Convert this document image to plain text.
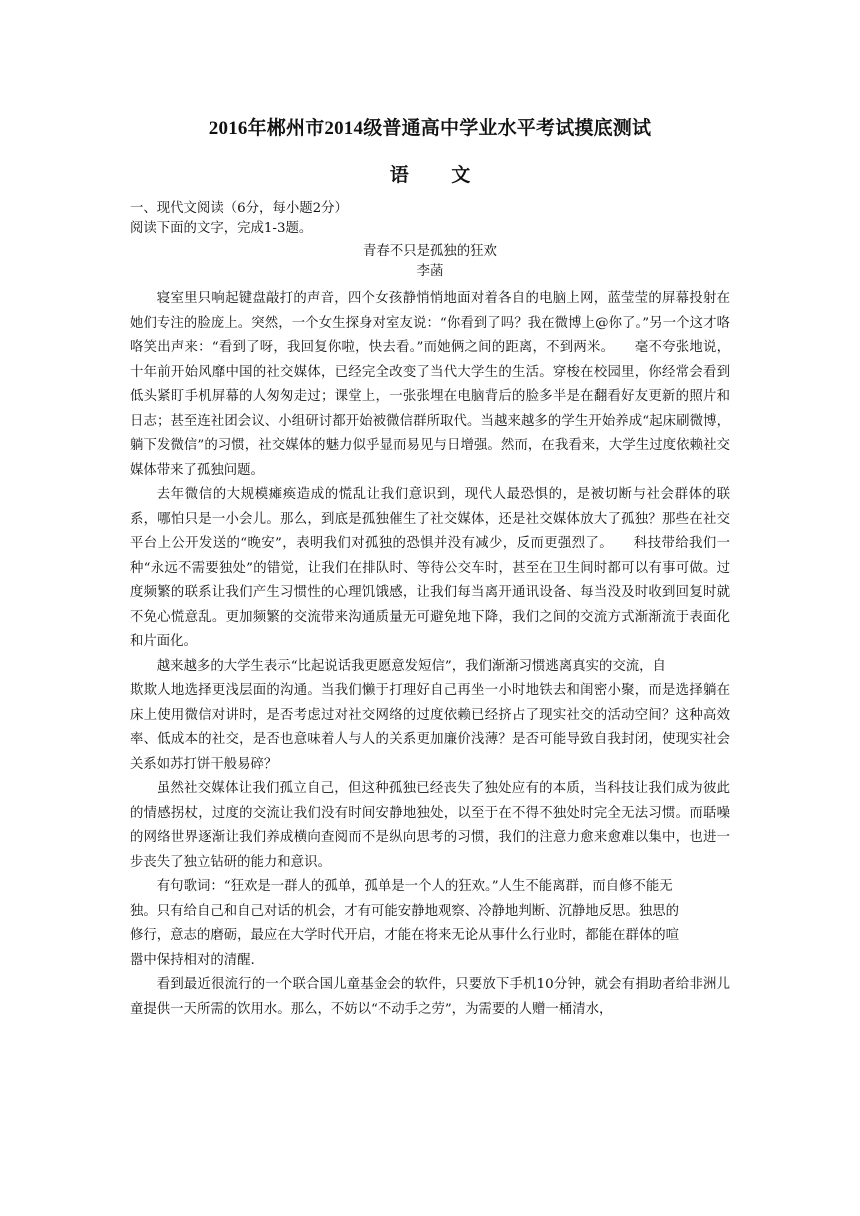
2016年郴州市2014级普通高中学业水平考试摸底测试
语 文
一、现代文阅读（6分，每小题2分）
阅读下面的文字，完成1-3题。
青春不只是孤独的狂欢
李菡

寝室里只响起键盘敲打的声音，四个女孩静悄悄地面对着各自的电脑上网，蓝莹莹的屏幕投射在她们专注的脸庞上。突然，一个女生探身对室友说：“你看到了吗？我在微博上@你了。”另一个这才咯咯笑出声来：“看到了呀，我回复你啦，快去看。”而她俩之间的距离，不到两米。　　毫不夸张地说，十年前开始风靡中国的社交媒体，已经完全改变了当代大学生的生活。穿梭在校园里，你经常会看到低头紧盯手机屏幕的人匆匆走过；课堂上，一张张埋在电脑背后的脸多半是在翻看好友更新的照片和日志；甚至连社团会议、小组研讨都开始被微信群所取代。当越来越多的学生开始养成“起床刷微博，躺下发微信”的习惯，社交媒体的魅力似乎显而易见与日增强。然而，在我看来，大学生过度依赖社交媒体带来了孤独问题。

去年微信的大规模瘫痪造成的慌乱让我们意识到，现代人最恐惧的，是被切断与社会群体的联系，哪怕只是一小会儿。那么，到底是孤独催生了社交媒体，还是社交媒体放大了孤独？那些在社交平台上公开发送的“晚安”，表明我们对孤独的恐惧并没有减少，反而更强烈了。　　科技带给我们一种“永远不需要独处”的错觉，让我们在排队时、等待公交车时，甚至在卫生间时都可以有事可做。过度频繁的联系让我们产生习惯性的心理饥饿感，让我们每当离开通讯设备、每当没及时收到回复时就不免心慌意乱。更加频繁的交流带来沟通质量无可避免地下降，我们之间的交流方式渐渐流于表面化和片面化。

越来越多的大学生表示“比起说话我更愿意发短信”，我们渐渐习惯逃离真实的交流，自

欺欺人地选择更浅层面的沟通。当我们懒于打理好自己再坐一小时地铁去和闺密小聚，而是选择躺在床上使用微信对讲时，是否考虑过对社交网络的过度依赖已经挤占了现实社交的活动空间？这种高效率、低成本的社交，是否也意味着人与人的关系更加廉价浅薄？是否可能导致自我封闭，使现实社会关系如苏打饼干般易碎？

虽然社交媒体让我们孤立自己，但这种孤独已经丧失了独处应有的本质，当科技让我们成为彼此的情感拐杖，过度的交流让我们没有时间安静地独处，以至于在不得不独处时完全无法习惯。而聒噪的网络世界逐渐让我们养成横向查阅而不是纵向思考的习惯，我们的注意力愈来愈难以集中，也进一步丧失了独立钻研的能力和意识。

有句歌词：“狂欢是一群人的孤单，孤单是一个人的狂欢。”人生不能离群，而自修不能无

独。只有给自己和自己对话的机会，才有可能安静地观察、冷静地判断、沉静地反思。独思的

修行，意志的磨砺，最应在大学时代开启，才能在将来无论从事什么行业时，都能在群体的喧

嚣中保持相对的清醒.

看到最近很流行的一个联合国儿童基金会的软件，只要放下手机10分钟，就会有捐助者给非洲儿童提供一天所需的饮用水。那么，不妨以“不动手之劳”，为需要的人赠一桶清水，
